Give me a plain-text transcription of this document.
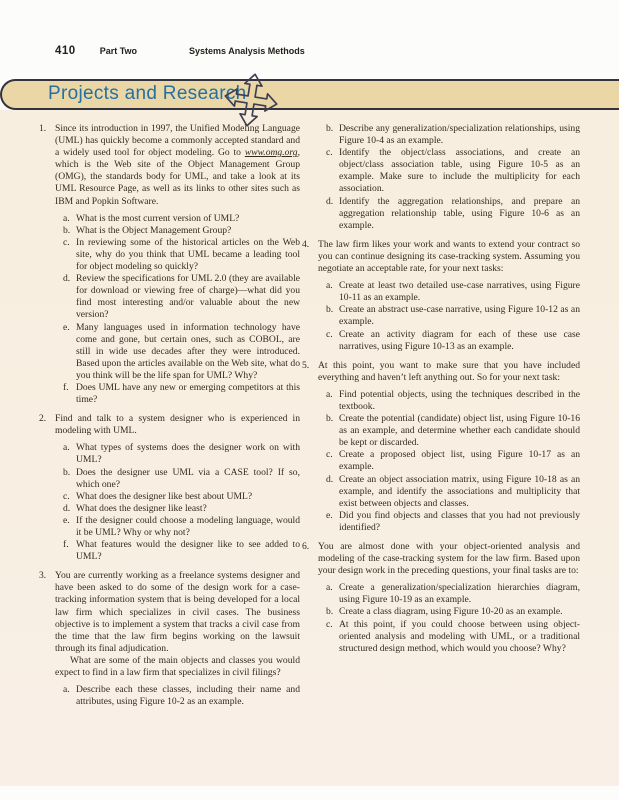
410	Part Two	Systems Analysis Methods
Projects and Research
1. Since its introduction in 1997, the Unified Modeling Language (UML) has quickly become a commonly accepted standard and a widely used tool for object modeling. Go to www.omg.org, which is the Web site of the Object Management Group (OMG), the standards body for UML, and take a look at its UML Resource Page, as well as its links to other sites such as IBM and Popkin Software.

a. What is the most current version of UML?
b. What is the Object Management Group?
c. In reviewing some of the historical articles on the Web site, why do you think that UML became a leading tool for object modeling so quickly?
d. Review the specifications for UML 2.0 (they are available for download or viewing free of charge)—what did you find most interesting and/or valuable about the new version?
e. Many languages used in information technology have come and gone, but certain ones, such as COBOL, are still in wide use decades after they were introduced. Based upon the articles available on the Web site, what do you think will be the life span for UML? Why?
f. Does UML have any new or emerging competitors at this time?
2. Find and talk to a system designer who is experienced in modeling with UML.

a. What types of systems does the designer work on with UML?
b. Does the designer use UML via a CASE tool? If so, which one?
c. What does the designer like best about UML?
d. What does the designer like least?
e. If the designer could choose a modeling language, would it be UML? Why or why not?
f. What features would the designer like to see added to UML?
3. You are currently working as a freelance systems designer and have been asked to do some of the design work for a case-tracking information system that is being developed for a local law firm which specializes in civil cases. The business objective is to implement a system that tracks a civil case from the time that the law firm begins working on the lawsuit through its final adjudication.

What are some of the main objects and classes you would expect to find in a law firm that specializes in civil filings?

a. Describe each these classes, including their name and attributes, using Figure 10-2 as an example.
b. Describe any generalization/specialization relationships, using Figure 10-4 as an example.
c. Identify the object/class associations, and create an object/class association table, using Figure 10-5 as an example. Make sure to include the multiplicity for each association.
d. Identify the aggregation relationships, and prepare an aggregation relationship table, using Figure 10-6 as an example.
4. The law firm likes your work and wants to extend your contract so you can continue designing its case-tracking system. Assuming you negotiate an acceptable rate, for your next tasks:

a. Create at least two detailed use-case narratives, using Figure 10-11 as an example.
b. Create an abstract use-case narrative, using Figure 10-12 as an example.
c. Create an activity diagram for each of these use case narratives, using Figure 10-13 as an example.
5. At this point, you want to make sure that you have included everything and haven’t left anything out. So for your next task:

a. Find potential objects, using the techniques described in the textbook.
b. Create the potential (candidate) object list, using Figure 10-16 as an example, and determine whether each candidate should be kept or discarded.
c. Create a proposed object list, using Figure 10-17 as an example.
d. Create an object association matrix, using Figure 10-18 as an example, and identify the associations and multiplicity that exist between objects and classes.
e. Did you find objects and classes that you had not previously identified?
6. You are almost done with your object-oriented analysis and modeling of the case-tracking system for the law firm. Based upon your design work in the preceding questions, your final tasks are to:

a. Create a generalization/specialization hierarchies diagram, using Figure 10-19 as an example.
b. Create a class diagram, using Figure 10-20 as an example.
c. At this point, if you could choose between using object-oriented analysis and modeling with UML, or a traditional structured design method, which would you choose? Why?
